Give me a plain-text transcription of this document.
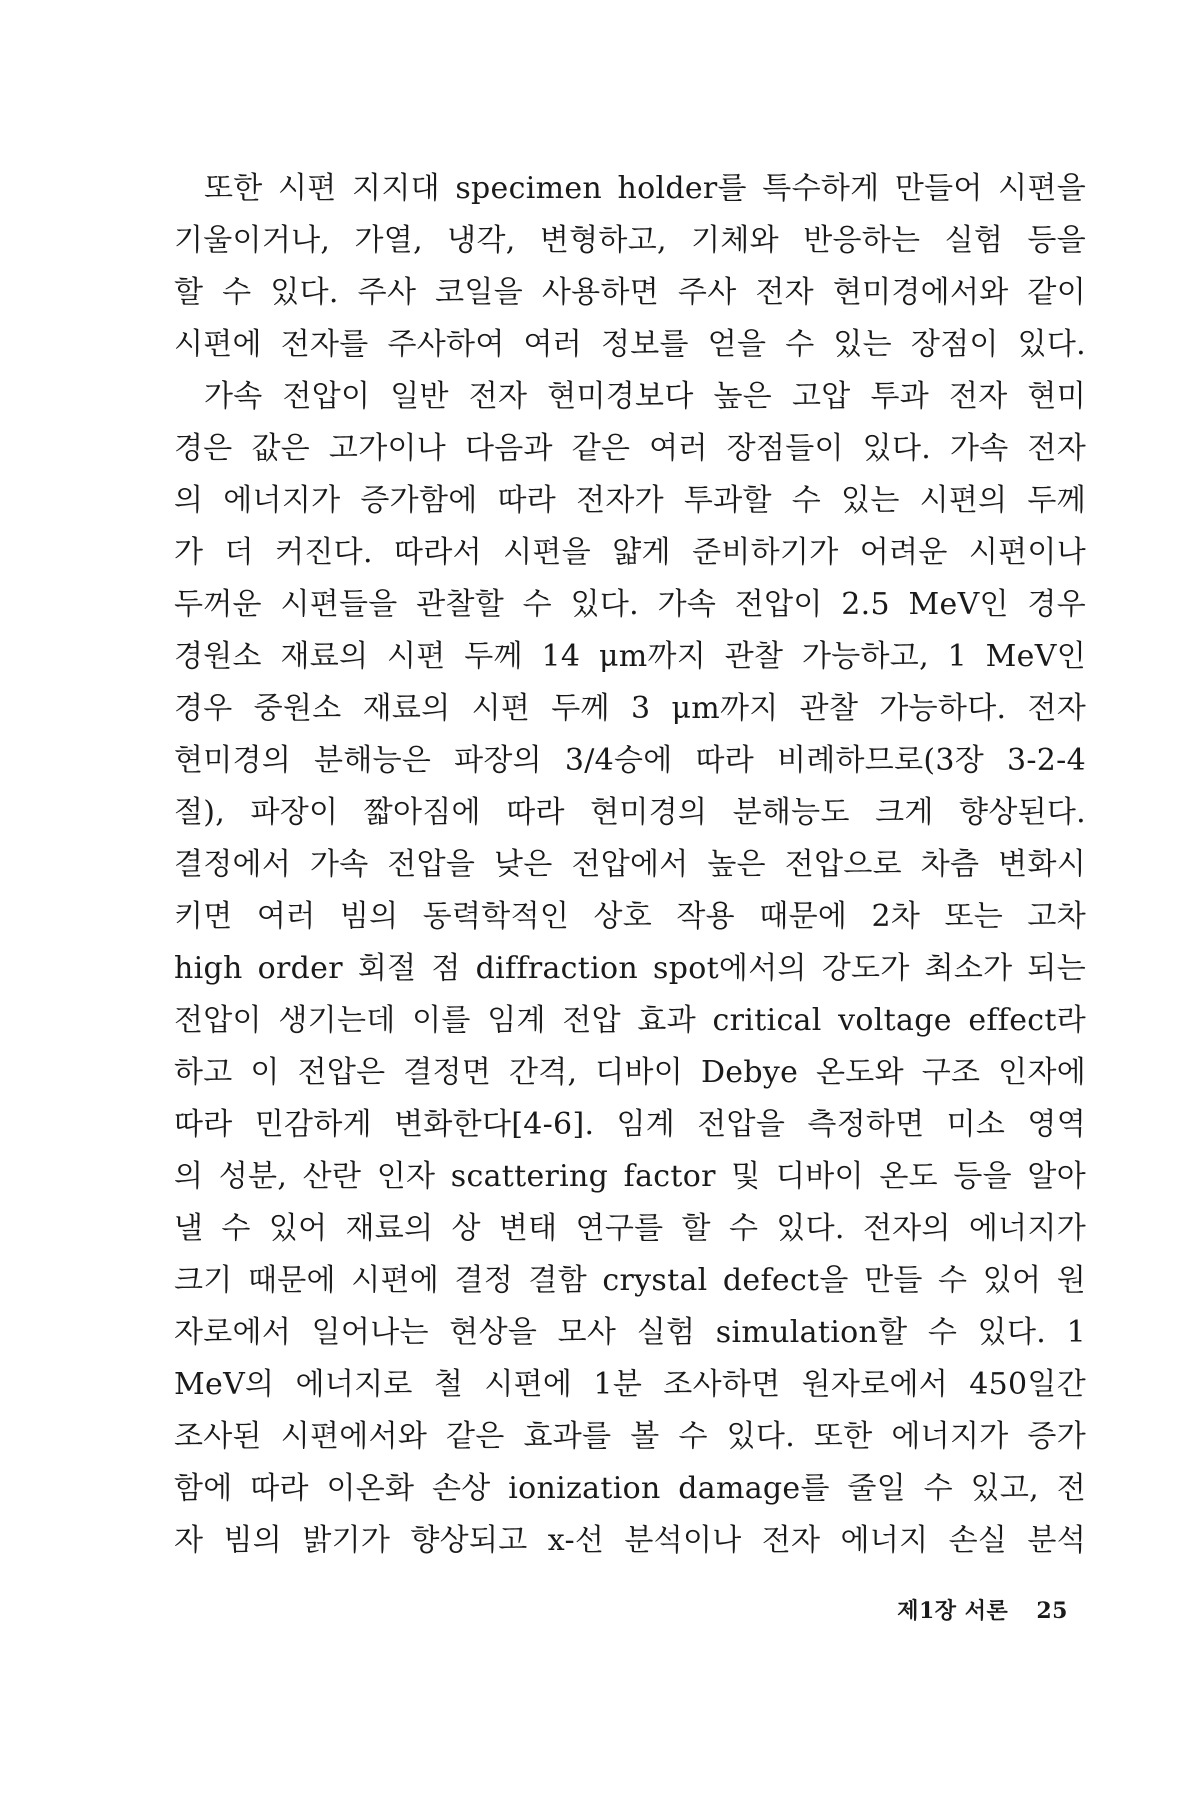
또한 시편 지지대 specimen holder를 특수하게 만들어 시편을
기울이거나, 가열, 냉각, 변형하고, 기체와 반응하는 실험 등을
할 수 있다. 주사 코일을 사용하면 주사 전자 현미경에서와 같이
시편에 전자를 주사하여 여러 정보를 얻을 수 있는 장점이 있다.
가속 전압이 일반 전자 현미경보다 높은 고압 투과 전자 현미
경은 값은 고가이나 다음과 같은 여러 장점들이 있다. 가속 전자
의 에너지가 증가함에 따라 전자가 투과할 수 있는 시편의 두께
가 더 커진다. 따라서 시편을 얇게 준비하기가 어려운 시편이나
두꺼운 시편들을 관찰할 수 있다. 가속 전압이 2.5 MeV인 경우
경원소 재료의 시편 두께 14 μm까지 관찰 가능하고, 1 MeV인
경우 중원소 재료의 시편 두께 3 μm까지 관찰 가능하다. 전자
현미경의 분해능은 파장의 3/4승에 따라 비례하므로(3장 3-2-4
절), 파장이 짧아짐에 따라 현미경의 분해능도 크게 향상된다.
결정에서 가속 전압을 낮은 전압에서 높은 전압으로 차츰 변화시
키면 여러 빔의 동력학적인 상호 작용 때문에 2차 또는 고차
high order 회절 점 diffraction spot에서의 강도가 최소가 되는
전압이 생기는데 이를 임계 전압 효과 critical voltage effect라
하고 이 전압은 결정면 간격, 디바이 Debye 온도와 구조 인자에
따라 민감하게 변화한다[4-6]. 임계 전압을 측정하면 미소 영역
의 성분, 산란 인자 scattering factor 및 디바이 온도 등을 알아
낼 수 있어 재료의 상 변태 연구를 할 수 있다. 전자의 에너지가
크기 때문에 시편에 결정 결함 crystal defect을 만들 수 있어 원
자로에서 일어나는 현상을 모사 실험 simulation할 수 있다. 1
MeV의 에너지로 철 시편에 1분 조사하면 원자로에서 450일간
조사된 시편에서와 같은 효과를 볼 수 있다. 또한 에너지가 증가
함에 따라 이온화 손상 ionization damage를 줄일 수 있고, 전
자 빔의 밝기가 향상되고 x-선 분석이나 전자 에너지 손실 분석
제1장 서론 25
